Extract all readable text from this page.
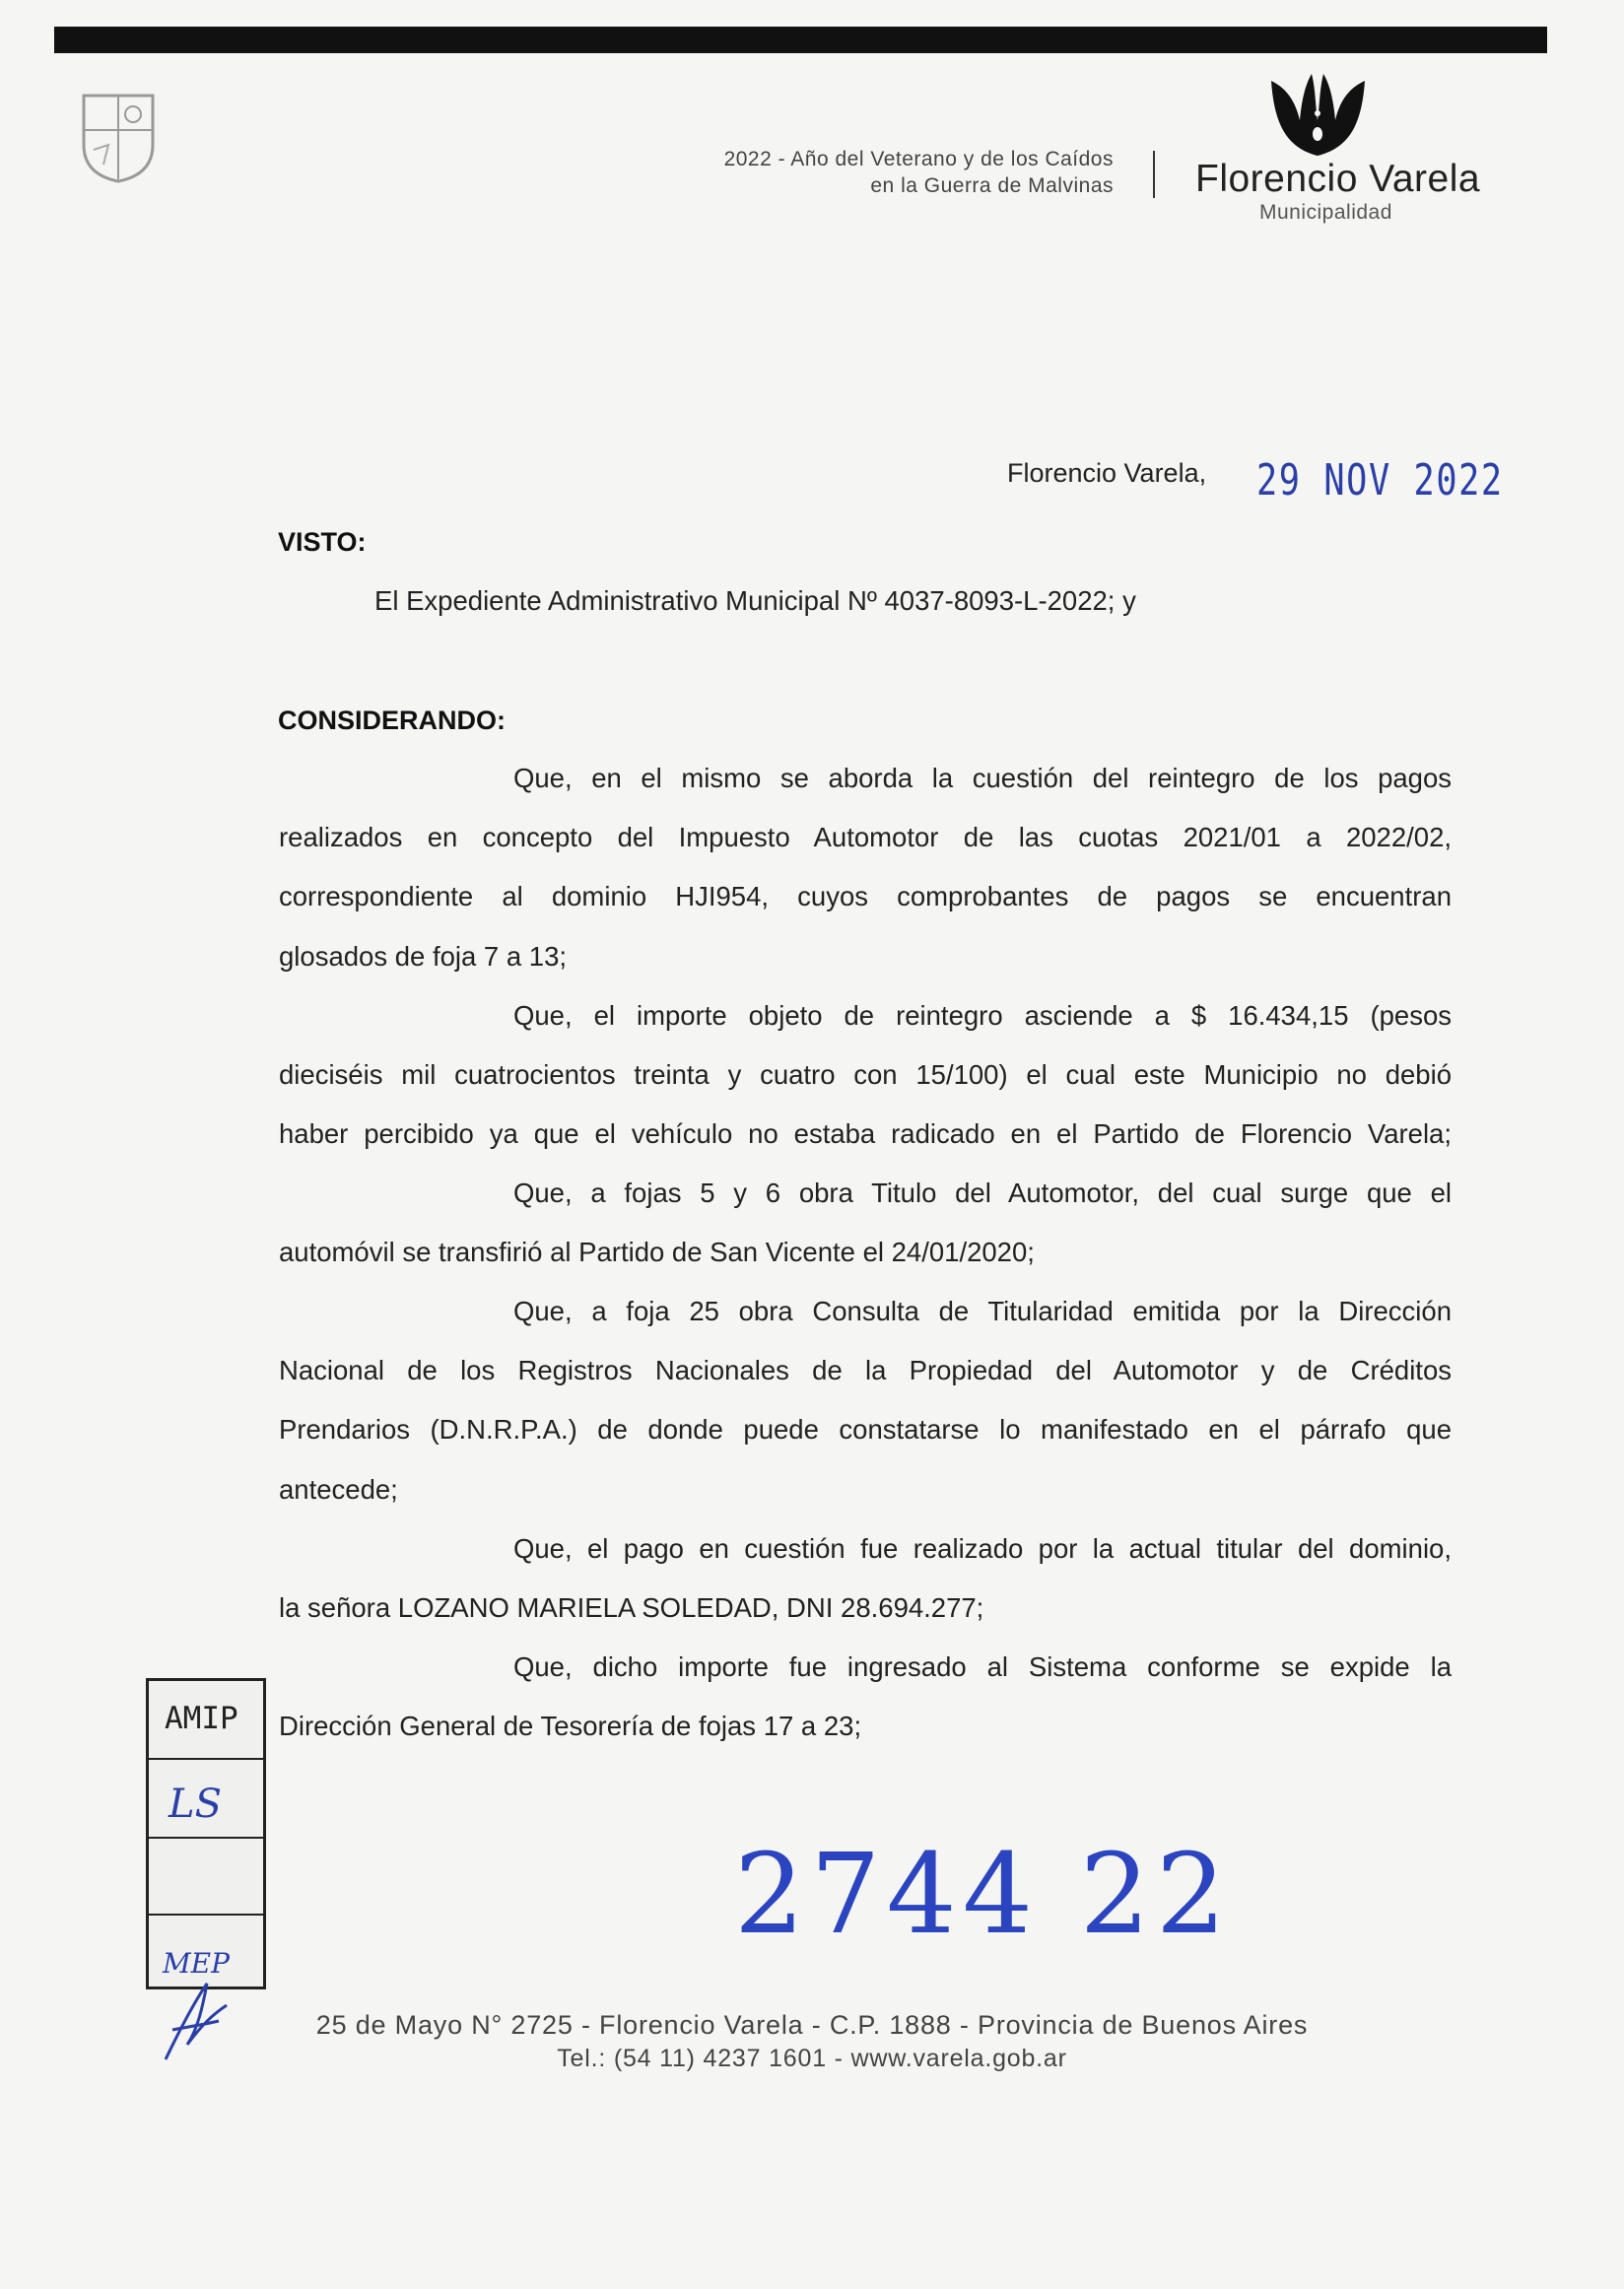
2022 - Año del Veterano y de los Caídos
en la Guerra de Malvinas Florencio Varela
Municipalidad
Florencio Varela, 29 NOV 2022
VISTO:
El Expediente Administrativo Municipal Nº 4037-8093-L-2022; y
CONSIDERANDO:
Que, en el mismo se aborda la cuestión del reintegro de los pagos
realizados en concepto del Impuesto Automotor de las cuotas 2021/01 a 2022/02,
correspondiente al dominio HJI954, cuyos comprobantes de pagos se encuentran
glosados de foja 7 a 13;
Que, el importe objeto de reintegro asciende a $ 16.434,15 (pesos
dieciséis mil cuatrocientos treinta y cuatro con 15/100) el cual este Municipio no debió
haber percibido ya que el vehículo no estaba radicado en el Partido de Florencio Varela;
Que, a fojas 5 y 6 obra Titulo del Automotor, del cual surge que el
automóvil se transfirió al Partido de San Vicente el 24/01/2020;
Que, a foja 25 obra Consulta de Titularidad emitida por la Dirección
Nacional de los Registros Nacionales de la Propiedad del Automotor y de Créditos
Prendarios (D.N.R.P.A.) de donde puede constatarse lo manifestado en el párrafo que
antecede;
Que, el pago en cuestión fue realizado por la actual titular del dominio,
la señora LOZANO MARIELA SOLEDAD, DNI 28.694.277;
Que, dicho importe fue ingresado al Sistema conforme se expide la
Dirección General de Tesorería de fojas 17 a 23;
AMIP
LS
MEP
2744 22
25 de Mayo N° 2725 - Florencio Varela - C.P. 1888 - Provincia de Buenos Aires
Tel.: (54 11) 4237 1601 - www.varela.gob.ar
